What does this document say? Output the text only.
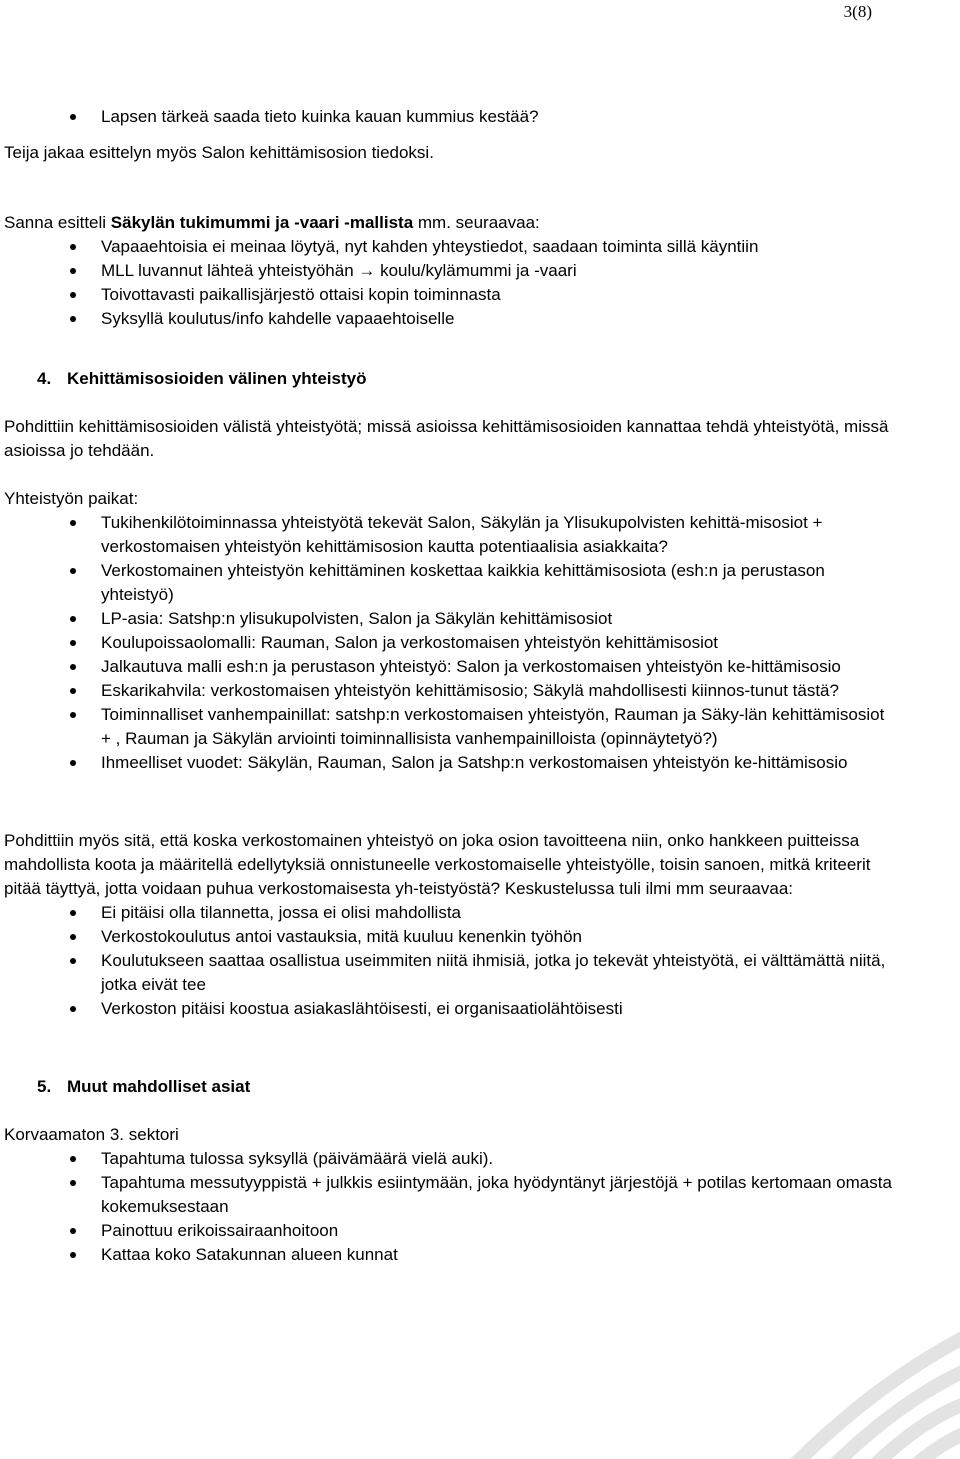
3(8)
Lapsen tärkeä saada tieto kuinka kauan kummius kestää?

Teija jakaa esittelyn myös Salon kehittämisosion tiedoksi.

Sanna esitteli Säkylän tukimummi ja -vaari -mallista mm. seuraavaa:

Vapaaehtoisia ei meinaa löytyä, nyt kahden yhteystiedot, saadaan toiminta sillä käyntiin
MLL luvannut lähteä yhteistyöhän → koulu/kylämummi ja -vaari
Toivottavasti paikallisjärjestö ottaisi kopin toiminnasta
Syksyllä koulutus/info kahdelle vapaaehtoiselle
4. Kehittämisosioiden välinen yhteistyö

Pohdittiin kehittämisosioiden välistä yhteistyötä; missä asioissa kehittämisosioiden kannattaa tehdä yhteistyötä, missä asioissa jo tehdään.

Yhteistyön paikat:

Tukihenkilötoiminnassa yhteistyötä tekevät Salon, Säkylän ja Ylisukupolvisten kehittä-misosiot + verkostomaisen yhteistyön kehittämisosion kautta potentiaalisia asiakkaita?
Verkostomainen yhteistyön kehittäminen koskettaa kaikkia kehittämisosiota (esh:n ja perustason yhteistyö)
LP-asia: Satshp:n ylisukupolvisten, Salon ja Säkylän kehittämisosiot
Koulupoissaolomalli: Rauman, Salon ja verkostomaisen yhteistyön kehittämisosiot
Jalkautuva malli esh:n ja perustason yhteistyö: Salon ja verkostomaisen yhteistyön ke-hittämisosio
Eskarikahvila: verkostomaisen yhteistyön kehittämisosio; Säkylä mahdollisesti kiinnos-tunut tästä?
Toiminnalliset vanhempainillat: satshp:n verkostomaisen yhteistyön, Rauman ja Säky-län kehittämisosiot + , Rauman ja Säkylän arviointi toiminnallisista vanhempainilloista (opinnäytetyö?)
Ihmeelliset vuodet: Säkylän, Rauman, Salon ja Satshp:n verkostomaisen yhteistyön ke-hittämisosio

Pohdittiin myös sitä, että koska verkostomainen yhteistyö on joka osion tavoitteena niin, onko hankkeen puitteissa mahdollista koota ja määritellä edellytyksiä onnistuneelle verkostomaiselle yhteistyölle, toisin sanoen, mitkä kriteerit pitää täyttyä, jotta voidaan puhua verkostomaisesta yh-teistyöstä? Keskustelussa tuli ilmi mm seuraavaa:

Ei pitäisi olla tilannetta, jossa ei olisi mahdollista
Verkostokoulutus antoi vastauksia, mitä kuuluu kenenkin työhön
Koulutukseen saattaa osallistua useimmiten niitä ihmisiä, jotka jo tekevät yhteistyötä, ei välttämättä niitä, jotka eivät tee
Verkoston pitäisi koostua asiakaslähtöisesti, ei organisaatiolähtöisesti
5. Muut mahdolliset asiat

Korvaamaton 3. sektori

Tapahtuma tulossa syksyllä (päivämäärä vielä auki).
Tapahtuma messutyyppistä + julkkis esiintymään, joka hyödyntänyt järjestöjä + potilas kertomaan omasta kokemuksestaan
Painottuu erikoissairaanhoitoon
Kattaa koko Satakunnan alueen kunnat
